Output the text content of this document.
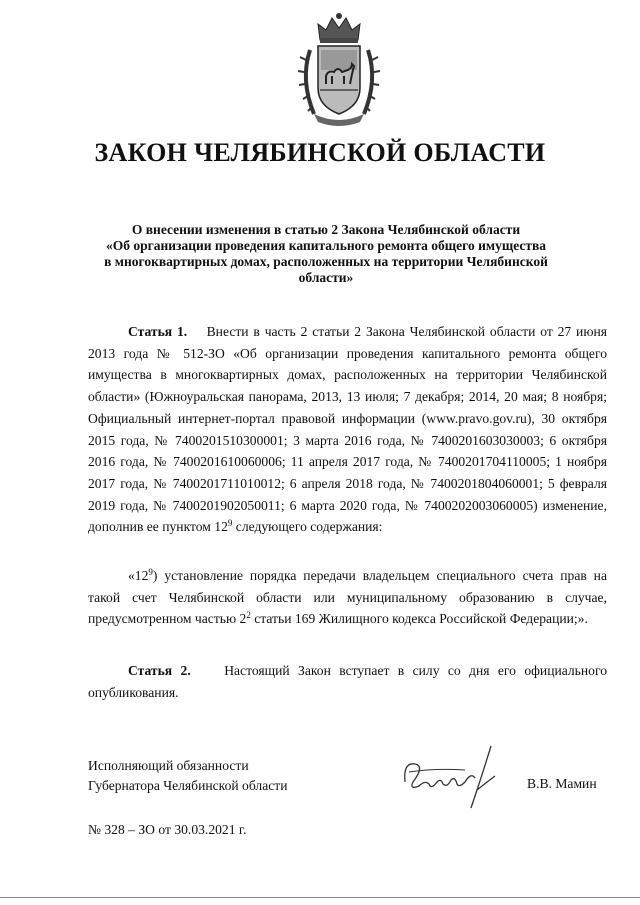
ЗАКОН ЧЕЛЯБИНСКОЙ ОБЛАСТИ
О внесении изменения в статью 2 Закона Челябинской области
«Об организации проведения капитального ремонта общего имущества
в многоквартирных домах, расположенных на территории Челябинской
области»
Статья 1. Внести в часть 2 статьи 2 Закона Челябинской области от 27 июня 2013 года № 512-ЗО «Об организации проведения капитального ремонта общего имущества в многоквартирных домах, расположенных на территории Челябинской области» (Южноуральская панорама, 2013, 13 июля; 7 декабря; 2014, 20 мая; 8 ноября; Официальный интернет-портал правовой информации (www.pravo.gov.ru), 30 октября 2015 года, № 7400201510300001; 3 марта 2016 года, № 7400201603030003; 6 октября 2016 года, № 7400201610060006; 11 апреля 2017 года, № 7400201704110005; 1 ноября 2017 года, № 7400201711010012; 6 апреля 2018 года, № 7400201804060001; 5 февраля 2019 года, № 7400201902050011; 6 марта 2020 года, № 7400202003060005) изменение, дополнив ее пунктом $12^9$ следующего содержания:
«$12^9$) установление порядка передачи владельцем специального счета прав на такой счет Челябинской области или муниципальному образованию в случае, предусмотренном частью $2^2$ статьи 169 Жилищного кодекса Российской Федерации;».
Статья 2. Настоящий Закон вступает в силу со дня его официального опубликования.
Исполняющий обязанности
Губернатора Челябинской области	В.В. Мамин
№ 328 – ЗО от 30.03.2021 г.
